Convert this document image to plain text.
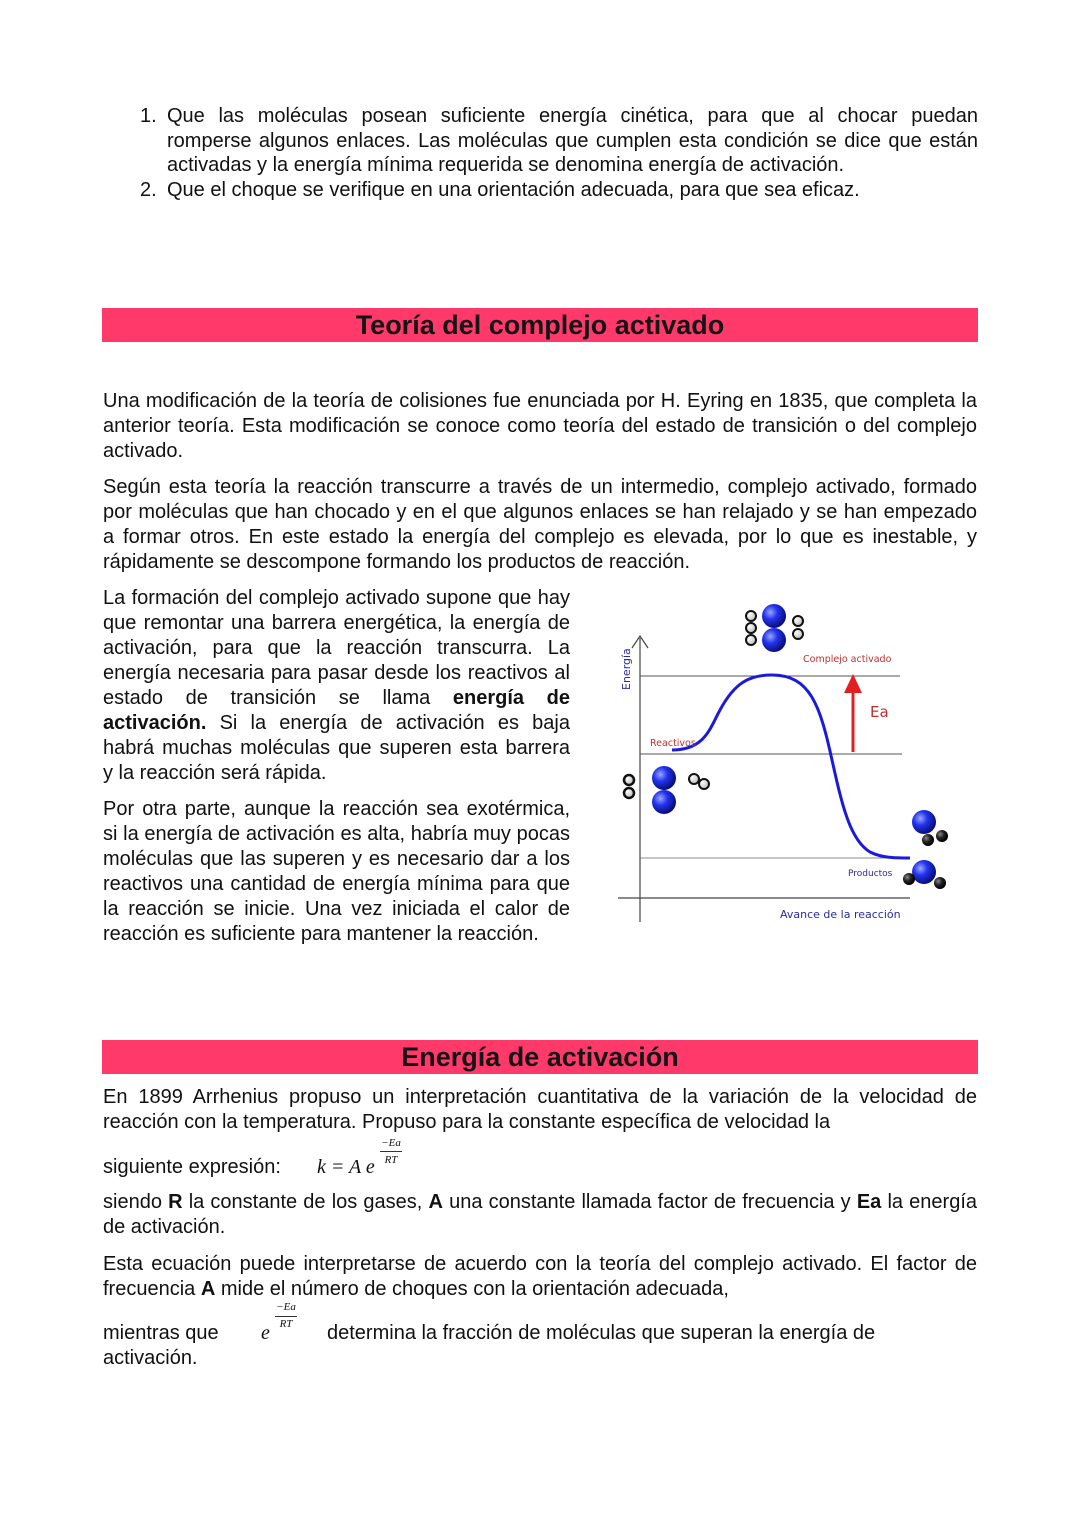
1. Que las moléculas posean suficiente energía cinética, para que al chocar puedan romperse algunos enlaces. Las moléculas que cumplen esta condición se dice que están activadas y la energía mínima requerida se denomina energía de activación.
2. Que el choque se verifique en una orientación adecuada, para que sea eficaz.
Teoría del complejo activado

Una modificación de la teoría de colisiones fue enunciada por H. Eyring en 1835, que completa la anterior teoría. Esta modificación se conoce como teoría del estado de transición o del complejo activado.

Según esta teoría la reacción transcurre a través de un intermedio, complejo activado, formado por moléculas que han chocado y en el que algunos enlaces se han relajado y se han empezado a formar otros. En este estado la energía del complejo es elevada, por lo que es inestable, y rápidamente se descompone formando los productos de reacción.

La formación del complejo activado supone que hay que remontar una barrera energética, la energía de activación, para que la reacción transcurra. La energía necesaria para pasar desde los reactivos al estado de transición se llama energía de activación. Si la energía de activación es baja habrá muchas moléculas que superen esta barrera y la reacción será rápida.

Por otra parte, aunque la reacción sea exotérmica, si la energía de activación es alta, habría muy pocas moléculas que las superen y es necesario dar a los reactivos una cantidad de energía mínima para que la reacción se inicie. Una vez iniciada el calor de reacción es suficiente para mantener la reacción.

Energía	Complejo activado
Ea
Reactivos
Productos
Avance de la reacción
Energía de activación

En 1899 Arrhenius propuso un interpretación cuantitativa de la variación de la velocidad de reacción con la temperatura. Propuso para la constante específica de velocidad la

siguiente expresión: k = A e
−Ea
RT

siendo R la constante de los gases, A una constante llamada factor de frecuencia y Ea la energía de activación.

Esta ecuación puede interpretarse de acuerdo con la teoría del complejo activado. El factor de frecuencia A mide el número de choques con la orientación adecuada,

mientras que e
−Ea
RT	determina la fracción de moléculas que superan la energía de
activación.
